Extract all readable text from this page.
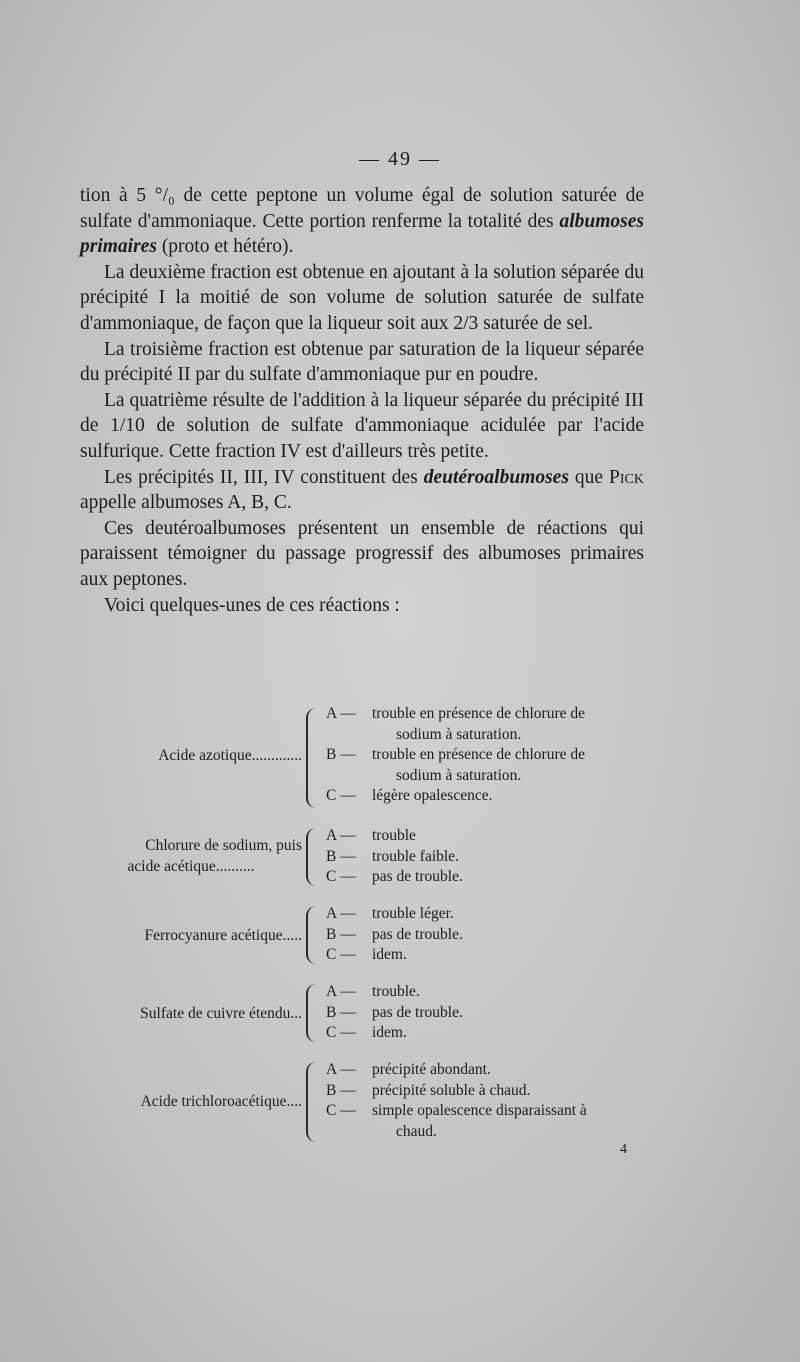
— 49 —

tion à 5 °/₀ de cette peptone un volume égal de solution saturée de sulfate d'ammoniaque. Cette portion renferme la totalité des albumoses primaires (proto et hétéro).

La deuxième fraction est obtenue en ajoutant à la solution séparée du précipité I la moitié de son volume de solution saturée de sulfate d'ammoniaque, de façon que la liqueur soit aux 2/3 saturée de sel.

La troisième fraction est obtenue par saturation de la liqueur séparée du précipité II par du sulfate d'ammoniaque pur en poudre.

La quatrième résulte de l'addition à la liqueur séparée du précipité III de 1/10 de solution de sulfate d'ammoniaque acidulée par l'acide sulfurique. Cette fraction IV est d'ailleurs très petite.

Les précipités II, III, IV constituent des deutéroalbumoses que Pick appelle albumoses A, B, C.

Ces deutéroalbumoses présentent un ensemble de réactions qui paraissent témoigner du passage progressif des albumoses primaires aux peptones.

Voici quelques-unes de ces réactions :

Acide azotique.............
A —	trouble en présence de chlorure de
sodium à saturation.
B —	trouble en présence de chlorure de
sodium à saturation.
C —	légère opalescence.
Chlorure de sodium, puis
acide acétique..........
A —	trouble
B —	trouble faible.
C —	pas de trouble.
Ferrocyanure acétique.....
A —	trouble léger.
B —	pas de trouble.
C —	idem.
Sulfate de cuivre étendu...
A —	trouble.
B —	pas de trouble.
C —	idem.
Acide trichloroacétique....
A —	précipité abondant.
B —	précipité soluble à chaud.
C —	simple opalescence disparaissant à
chaud.
4
